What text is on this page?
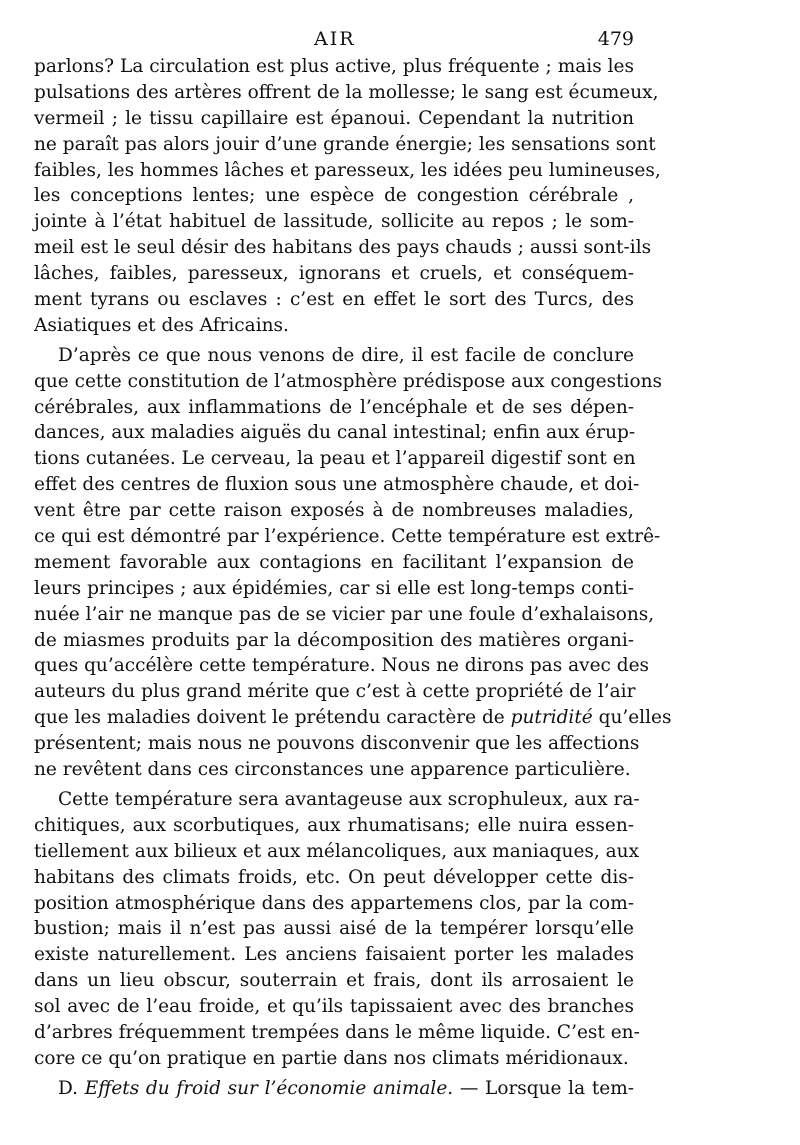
AIR	479
parlons? La circulation est plus active, plus fréquente ; mais les
pulsations des artères offrent de la mollesse; le sang est écumeux,
vermeil ; le tissu capillaire est épanoui. Cependant la nutrition
ne paraît pas alors jouir d’une grande énergie; les sensations sont
faibles, les hommes lâches et paresseux, les idées peu lumineuses,
les conceptions lentes; une espèce de congestion cérébrale ,
jointe à l’état habituel de lassitude, sollicite au repos ; le som-
meil est le seul désir des habitans des pays chauds ; aussi sont-ils
lâches, faibles, paresseux, ignorans et cruels, et conséquem-
ment tyrans ou esclaves : c’est en effet le sort des Turcs, des
Asiatiques et des Africains.
D’après ce que nous venons de dire, il est facile de conclure
que cette constitution de l’atmosphère prédispose aux congestions
cérébrales, aux inflammations de l’encéphale et de ses dépen-
dances, aux maladies aiguës du canal intestinal; enfin aux érup-
tions cutanées. Le cerveau, la peau et l’appareil digestif sont en
effet des centres de fluxion sous une atmosphère chaude, et doi-
vent être par cette raison exposés à de nombreuses maladies,
ce qui est démontré par l’expérience. Cette température est extrê-
mement favorable aux contagions en facilitant l’expansion de
leurs principes ; aux épidémies, car si elle est long-temps conti-
nuée l’air ne manque pas de se vicier par une foule d’exhalaisons,
de miasmes produits par la décomposition des matières organi-
ques qu’accélère cette température. Nous ne dirons pas avec des
auteurs du plus grand mérite que c’est à cette propriété de l’air
que les maladies doivent le prétendu caractère de putridité qu’elles
présentent; mais nous ne pouvons disconvenir que les affections
ne revêtent dans ces circonstances une apparence particulière.
Cette température sera avantageuse aux scrophuleux, aux ra-
chitiques, aux scorbutiques, aux rhumatisans; elle nuira essen-
tiellement aux bilieux et aux mélancoliques, aux maniaques, aux
habitans des climats froids, etc. On peut développer cette dis-
position atmosphérique dans des appartemens clos, par la com-
bustion; mais il n’est pas aussi aisé de la tempérer lorsqu’elle
existe naturellement. Les anciens faisaient porter les malades
dans un lieu obscur, souterrain et frais, dont ils arrosaient le
sol avec de l’eau froide, et qu’ils tapissaient avec des branches
d’arbres fréquemment trempées dans le même liquide. C’est en-
core ce qu’on pratique en partie dans nos climats méridionaux.
D. Effets du froid sur l’économie animale. — Lorsque la tem-
